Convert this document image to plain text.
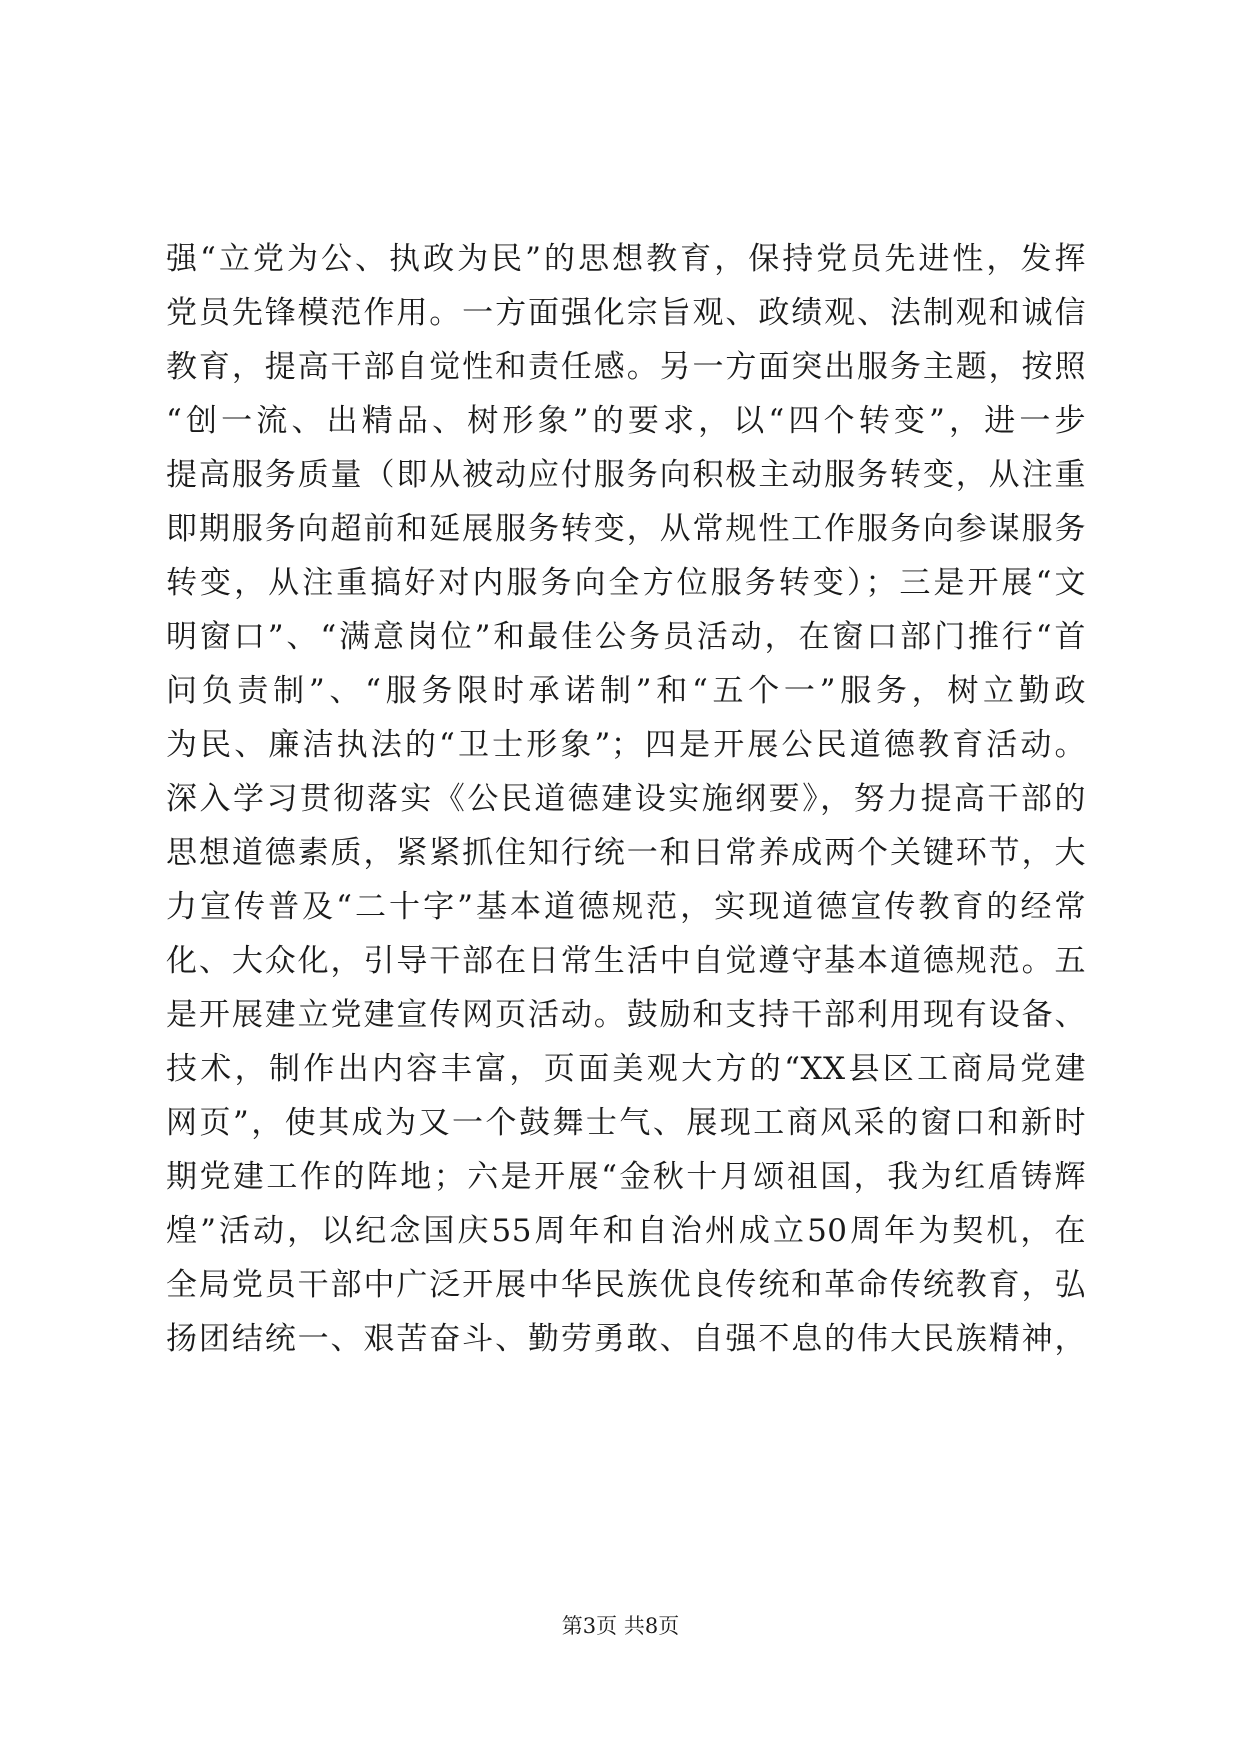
强“立党为公、执政为民”的思想教育，保持党员先进性，发挥
党员先锋模范作用。一方面强化宗旨观、政绩观、法制观和诚信
教育，提高干部自觉性和责任感。另一方面突出服务主题，按照
“创一流、出精品、树形象”的要求，以“四个转变”，进一步
提高服务质量（即从被动应付服务向积极主动服务转变，从注重
即期服务向超前和延展服务转变，从常规性工作服务向参谋服务
转变，从注重搞好对内服务向全方位服务转变）；三是开展“文
明窗口”、“满意岗位”和最佳公务员活动，在窗口部门推行“首
问负责制”、“服务限时承诺制”和“五个一”服务，树立勤政
为民、廉洁执法的“卫士形象”；四是开展公民道德教育活动。
深入学习贯彻落实《公民道德建设实施纲要》，努力提高干部的
思想道德素质，紧紧抓住知行统一和日常养成两个关键环节，大
力宣传普及“二十字”基本道德规范，实现道德宣传教育的经常
化、大众化，引导干部在日常生活中自觉遵守基本道德规范。五
是开展建立党建宣传网页活动。鼓励和支持干部利用现有设备、
技术，制作出内容丰富，页面美观大方的“XX县区工商局党建
网页”，使其成为又一个鼓舞士气、展现工商风采的窗口和新时
期党建工作的阵地；六是开展“金秋十月颂祖国，我为红盾铸辉
煌”活动，以纪念国庆55周年和自治州成立50周年为契机，在
全局党员干部中广泛开展中华民族优良传统和革命传统教育，弘
扬团结统一、艰苦奋斗、勤劳勇敢、自强不息的伟大民族精神，
第3页 共8页
